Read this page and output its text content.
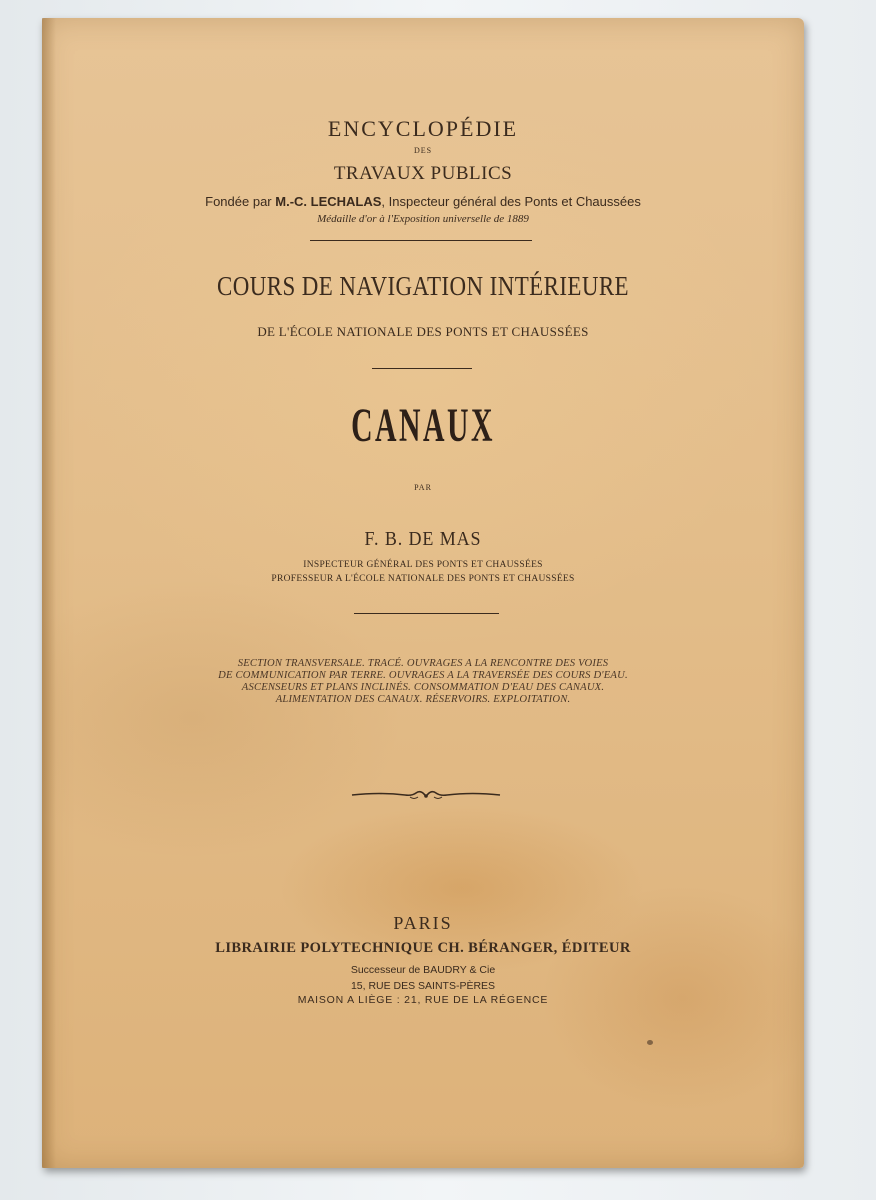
ENCYCLOPÉDIE
DES
TRAVAUX PUBLICS
Fondée par M.-C. LECHALAS, Inspecteur général des Ponts et Chaussées
Médaille d'or à l'Exposition universelle de 1889
COURS DE NAVIGATION INTÉRIEURE
DE L'ÉCOLE NATIONALE DES PONTS ET CHAUSSÉES
CANAUX
PAR
F. B. DE MAS
INSPECTEUR GÉNÉRAL DES PONTS ET CHAUSSÉES
PROFESSEUR A L'ÉCOLE NATIONALE DES PONTS ET CHAUSSÉES
SECTION TRANSVERSALE. TRACÉ. OUVRAGES A LA RENCONTRE DES VOIES
DE COMMUNICATION PAR TERRE. OUVRAGES A LA TRAVERSÉE DES COURS D'EAU.
ASCENSEURS ET PLANS INCLINÉS. CONSOMMATION D'EAU DES CANAUX.
ALIMENTATION DES CANAUX. RÉSERVOIRS. EXPLOITATION.
PARIS
LIBRAIRIE POLYTECHNIQUE CH. BÉRANGER, ÉDITEUR
Successeur de BAUDRY & Cie
15, RUE DES SAINTS-PÈRES
MAISON A LIÈGE : 21, RUE DE LA RÉGENCE
